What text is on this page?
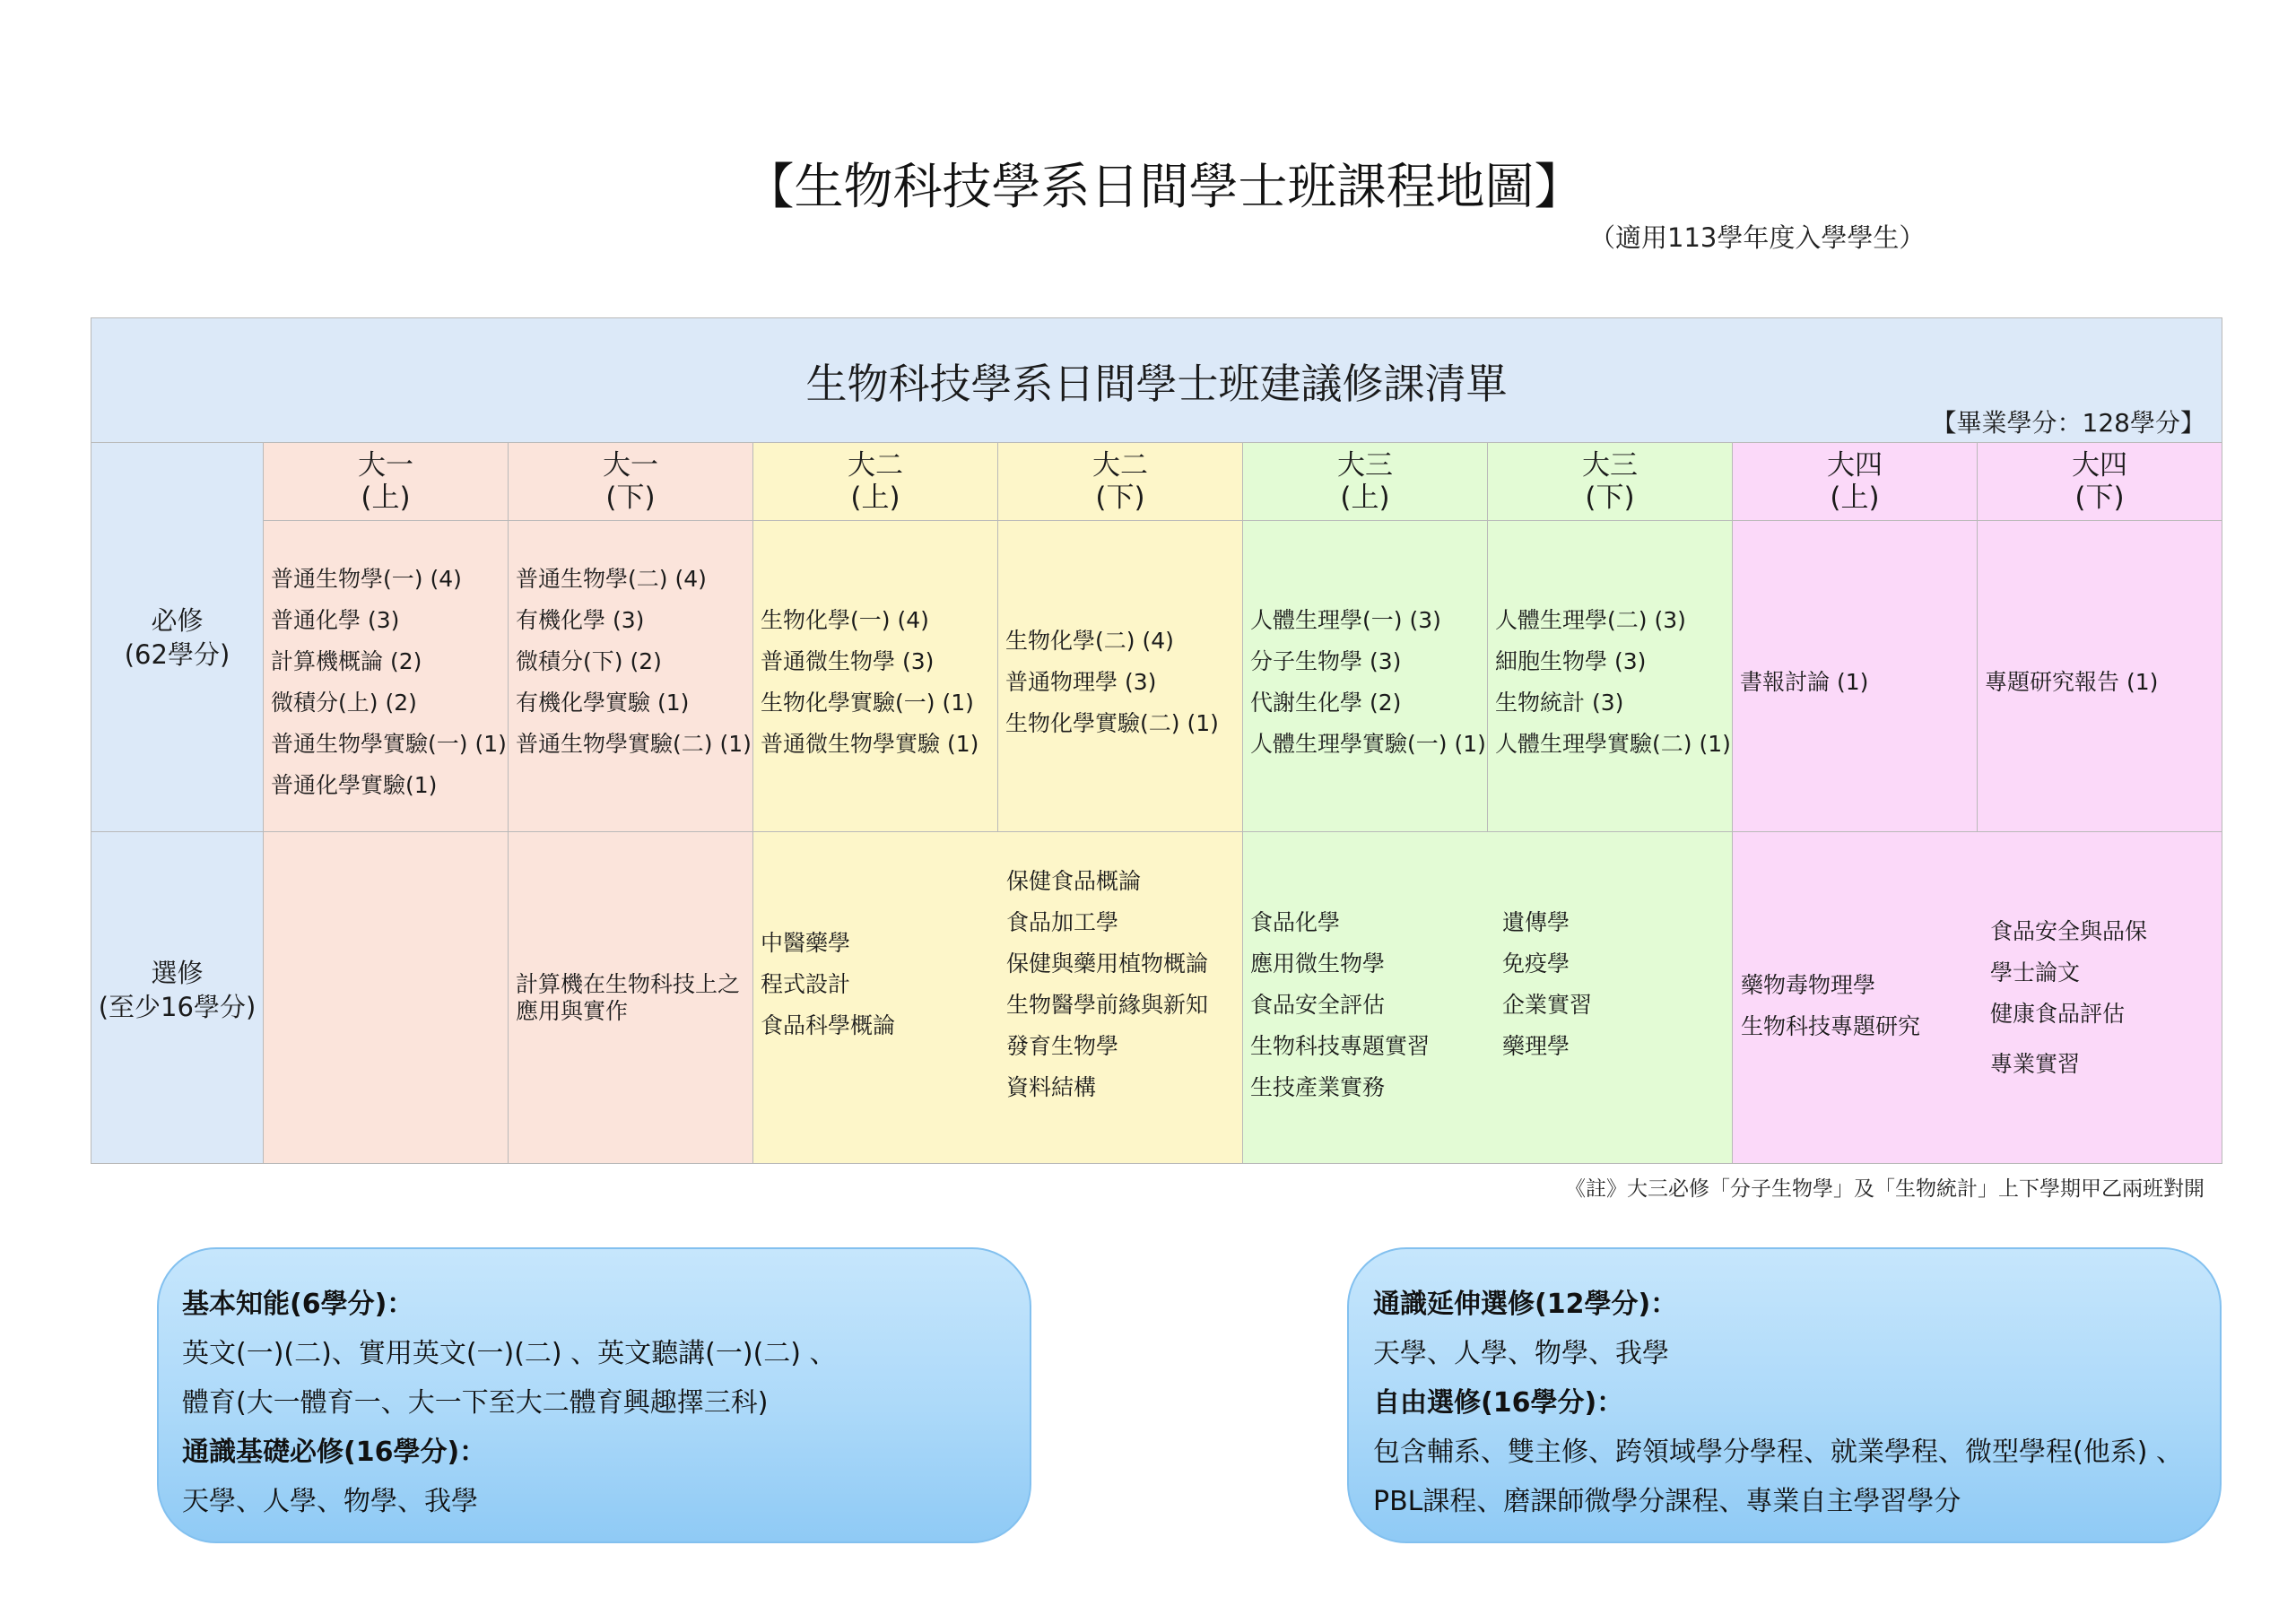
【生物科技學系日間學士班課程地圖】
（適用113學年度入學學生）
生物科技學系日間學士班建議修課清單
【畢業學分：128學分】
必修
(62學分)
大一
(上)
大一
(下)
大二
(上)
大二
(下)
大三
(上)
大三
(下)
大四
(上)
大四
(下)
普通生物學(一) (4)
普通化學 (3)
計算機概論 (2)
微積分(上) (2)
普通生物學實驗(一) (1)
普通化學實驗(1)
普通生物學(二) (4)
有機化學 (3)
微積分(下) (2)
有機化學實驗 (1)
普通生物學實驗(二) (1)
生物化學(一) (4)
普通微生物學 (3)
生物化學實驗(一) (1)
普通微生物學實驗 (1)
生物化學(二) (4)
普通物理學 (3)
生物化學實驗(二) (1)
人體生理學(一) (3)
分子生物學 (3)
代謝生化學 (2)
人體生理學實驗(一) (1)
人體生理學(二) (3)
細胞生物學 (3)
生物統計 (3)
人體生理學實驗(二) (1)
書報討論 (1)	專題研究報告 (1)
選修
(至少16學分)
計算機在生物科技上之應用與實作
中醫藥學
程式設計
食品科學概論
保健食品概論
食品加工學
保健與藥用植物概論
生物醫學前緣與新知
發育生物學
資料結構
食品化學
應用微生物學
食品安全評估
生物科技專題實習
生技產業實務
遺傳學
免疫學
企業實習
藥理學
藥物毒物理學
生物科技專題研究
食品安全與品保
學士論文
健康食品評估
專業實習
《註》大三必修「分子生物學」及「生物統計」上下學期甲乙兩班對開
基本知能(6學分)：
英文(一)(二)、實用英文(一)(二) 、英文聽講(一)(二) 、
體育(大一體育一、大一下至大二體育興趣擇三科)
通識基礎必修(16學分)：
天學、人學、物學、我學
通識延伸選修(12學分)：
天學、人學、物學、我學
自由選修(16學分)：
包含輔系、雙主修、跨領域學分學程、就業學程、微型學程(他系) 、
PBL課程、磨課師微學分課程、專業自主學習學分
